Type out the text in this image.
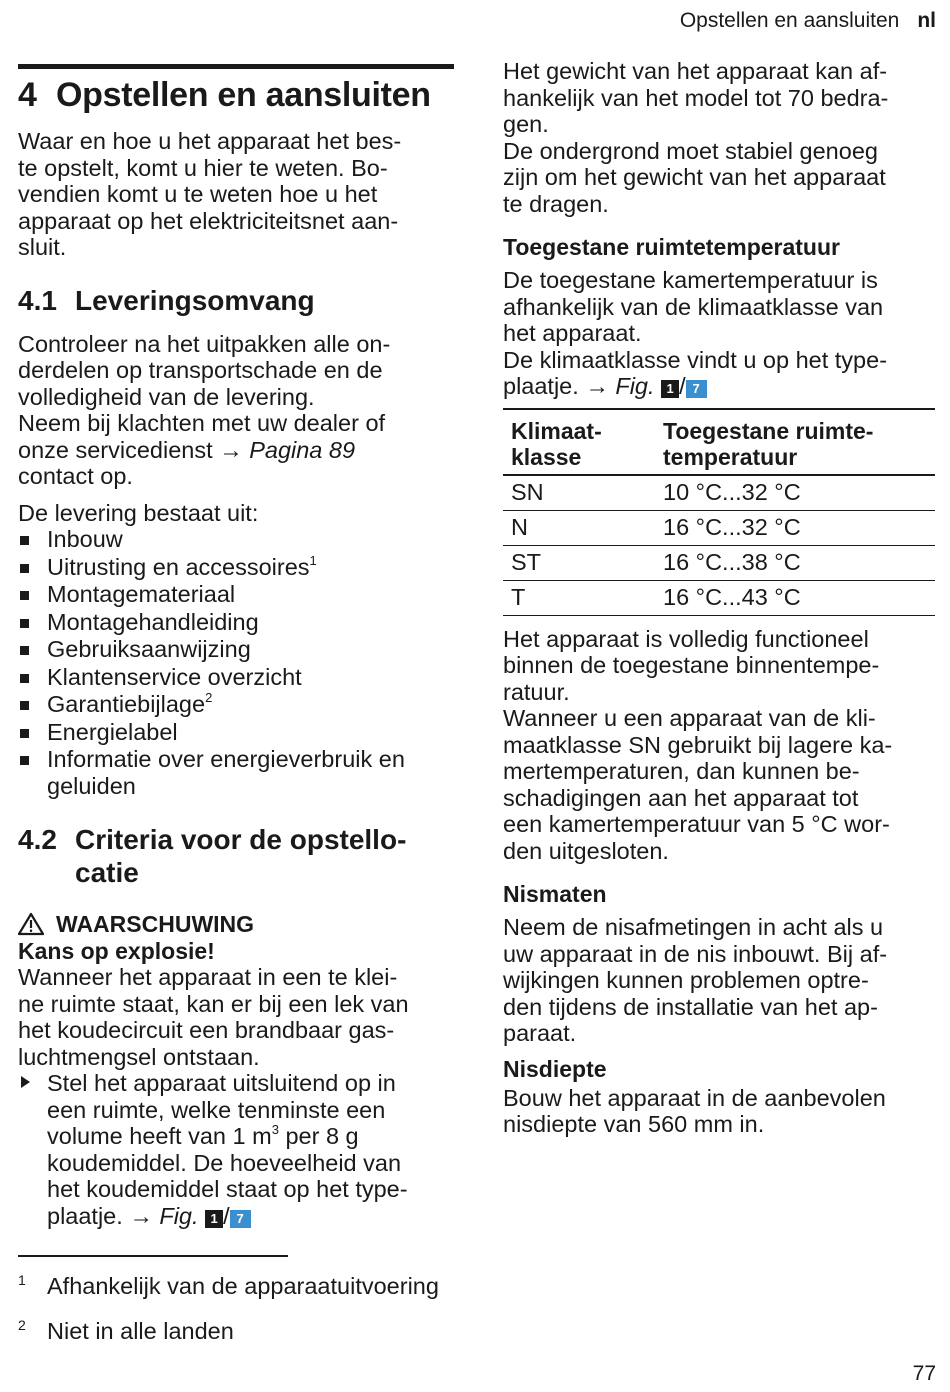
Opstellen en aansluiten nl
4 Opstellen en aansluiten

Waar en hoe u het apparaat het bes-
te opstelt, komt u hier te weten. Bo-
vendien komt u te weten hoe u het
apparaat op het elektriciteitsnet aan-
sluit.

4.1 Leveringsomvang

Controleer na het uitpakken alle on-
derdelen op transportschade en de
volledigheid van de levering.
Neem bij klachten met uw dealer of
onze servicedienst → Pagina 89
contact op.

De levering bestaat uit:

Inbouw
Uitrusting en accessoires$^1$
Montagemateriaal
Montagehandleiding
Gebruiksaanwijzing
Klantenservice overzicht
Garantiebijlage$^2$
Energielabel
Informatie over energieverbruik en
geluiden
4.2 Criteria voor de opstello-
catie
WAARSCHUWING
Kans op explosie!

Wanneer het apparaat in een te klei-
ne ruimte staat, kan er bij een lek van
het koudecircuit een brandbaar gas-
luchtmengsel ontstaan.

Stel het apparaat uitsluitend op in
een ruimte, welke tenminste een
volume heeft van 1 $m^3$ per 8 g
koudemiddel. De hoeveelheid van
het koudemiddel staat op het type-
plaatje. → Fig. 1 / 7

1 Afhankelijk van de apparaatuitvoering
2 Niet in alle landen

Het gewicht van het apparaat kan af-
hankelijk van het model tot 70 bedra-
gen.
De ondergrond moet stabiel genoeg
zijn om het gewicht van het apparaat
te dragen.

Toegestane ruimtetemperatuur

De toegestane kamertemperatuur is
afhankelijk van de klimaatklasse van
het apparaat.
De klimaatklasse vindt u op het type-
plaatje. → Fig. 1 / 7

Klimaat-
klasse	Toegestane ruimte-
temperatuur
SN	10 °C...32 °C
N	16 °C...32 °C
ST	16 °C...38 °C
T	16 °C...43 °C

Het apparaat is volledig functioneel
binnen de toegestane binnentempe-
ratuur.
Wanneer u een apparaat van de kli-
maatklasse SN gebruikt bij lagere ka-
mertemperaturen, dan kunnen be-
schadigingen aan het apparaat tot
een kamertemperatuur van 5 °C wor-
den uitgesloten.

Nismaten

Neem de nisafmetingen in acht als u
uw apparaat in de nis inbouwt. Bij af-
wijkingen kunnen problemen optre-
den tijdens de installatie van het ap-
paraat.

Nisdiepte

Bouw het apparaat in de aanbevolen
nisdiepte van 560 mm in.

77
